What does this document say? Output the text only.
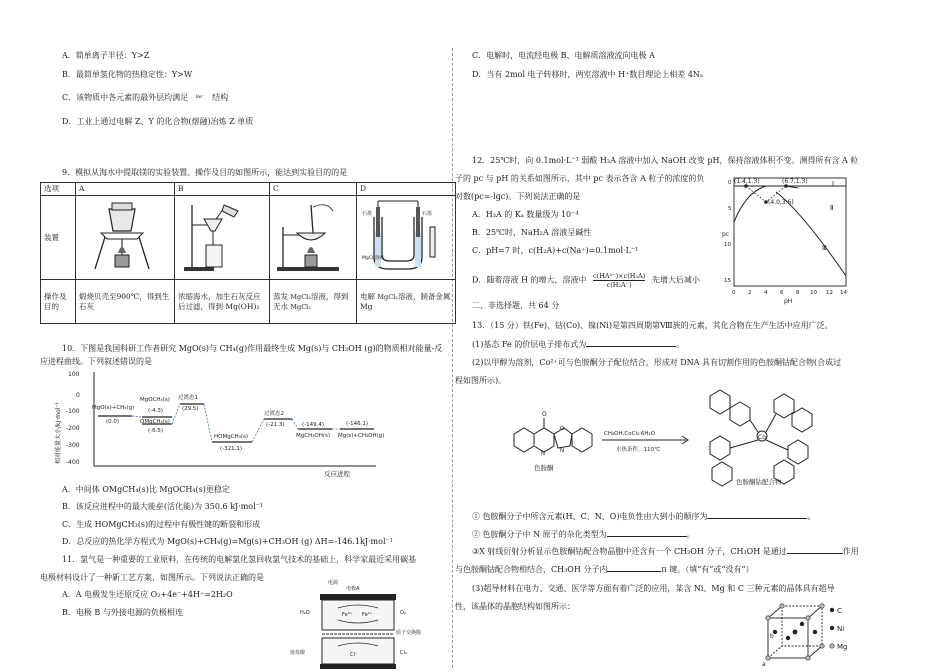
A．简单离子半径：Y>Z
B．最简单氢化物的热稳定性：Y>W
C．该物质中各元素的最外层均满足 8e⁻ 结构
D．工业上通过电解 Z、Y 的化合物(熔融)冶炼 Z 单质
9．模拟从海水中提取镁的实验装置、操作及目的如图所示，能达到实验目的的是
选项	A	B	C	D
装置				石墨 石墨
MgCl₂溶液

操作及目的	煅烧贝壳至900℃，得到生石灰	浓缩海水，加生石灰反应后过滤，得到 Mg(OH)₂	蒸发 MgCl₂溶液，得到无水 MgCl₂	电解 MgCl₂溶液，制备金属 Mg
10．下图是我国科研工作者研究 MgO(s)与 CH₄(g)作用最终生成 Mg(s)与 CH₃OH (g)的物质相对能量-反
应进程曲线。下列叙述错误的是
100
0
-100
-200
-300
-400
相对能量大小/kJ·mol⁻¹
反应进程
MgO(s)+CH₄(g)
(0.0)
MgOCH₄(s)
(-4.3)
OMgCH₄(s)
(-6.5)
过渡态1
(29.5)
HOMgCH₃(s)
(-321.1)
过渡态2
(-21.3)	(-149.4)
MgCH₃OH(s)
(-146.1)
Mg(s)+CH₃OH(g)
A．中间体 OMgCH₄(s)比 MgOCH₄(s)更稳定
B．该反应进程中的最大能垒(活化能)为 350.6 kJ·mol⁻¹
C．生成 HOMgCH₃(s)的过程中有极性键的断裂和形成
D．总反应的热化学方程式为 MgO(s)+CH₄(g)=Mg(s)+CH₃OH (g) ΔH=-146.1kJ·mol⁻¹
11．氯气是一种重要的工业原料，在传统的电解氯化氢回收氯气技术的基础上，科学家最近采用碳基
电极材料设计了一种新工艺方案，如图所示。下列说法正确的是
A．A 电极发生还原反应 O₂+4e⁻+4H⁺=2H₂O
B．电极 B 与外接电源的负极相连
电源
电极A
Fe³⁺ Fe²⁺
H₂O	O₂
质子交换膜
Cl⁻
废盐酸	Cl₂
C．电解时，电流经电极 B、电解质溶液流向电极 A
D．当有 2mol 电子转移时，两室溶液中 H⁺数目理论上相差 4Nₐ
12．25℃时，向 0.1mol·L⁻¹ 弱酸 H₃A 溶液中加入 NaOH 改变 pH，保持溶液体积不变。测得所有含 A 粒
子的 pc 与 pH 的关系如图所示，其中 pc 表示各含 A 粒子的浓度的负
对数(pc=-lgc)。下列说法正确的是
A．H₃A 的 Kₐ 数量级为 10⁻⁴
B．25℃时，NaH₂A 溶液呈碱性
C．pH=7 时，c(H₂A)+c(Na⁺)=0.1mol·L⁻¹
D．随着溶液 H 的增大，溶液中 $\frac{\text{c(HA²⁻)×c(H₃A)}}{\text{c(H₂A⁻)}}$ 先增大后减小
pc
pH
0
5
10
15
0 2 4 6 8 10 12 14
(1.4,1.3)	(6.7,1.3)
(4.0,3.6)
Ⅰ
Ⅱ
Ⅲ
二、非选择题，共 64 分
13．（15 分）铁(Fe)、钴(Co)、镍(Ni)是第四周期第Ⅷ族的元素，其化合物在生产生活中应用广泛。
(1)基态 Fe 的价层电子排布式为	。
(2)以甲醇为溶剂，Co²⁺可与色胺酮分子配位结合，形成对 DNA 具有切割作用的色胺酮钴配合物(合成过
程如图所示)。
O
N	N
O
色胺酮
CH₃OH,CoCl₂·6H₂O
水热条件，110℃
Co
色胺酮钴配合物
① 色胺酮分子中所含元素(H、C、N、O)电负性由大到小的顺序为	。
② 色胺酮分子中 N 原子的杂化类型为	。
③X 射线衍射分析显示色胺酮钴配合物晶胞中还含有一个 CH₃OH 分子，CH₃OH 是通过	作用
与色胺酮钴配合物相结合，CH₃OH 分子内	π 键。（填“有”或“没有”）
(3)超导材料在电力、交通、医学等方面有着广泛的应用，某含 Ni、Mg 和 C 三种元素的晶体具有超导
性，该晶体的晶胞结构如图所示：
a
b
C
Ni
Mg
